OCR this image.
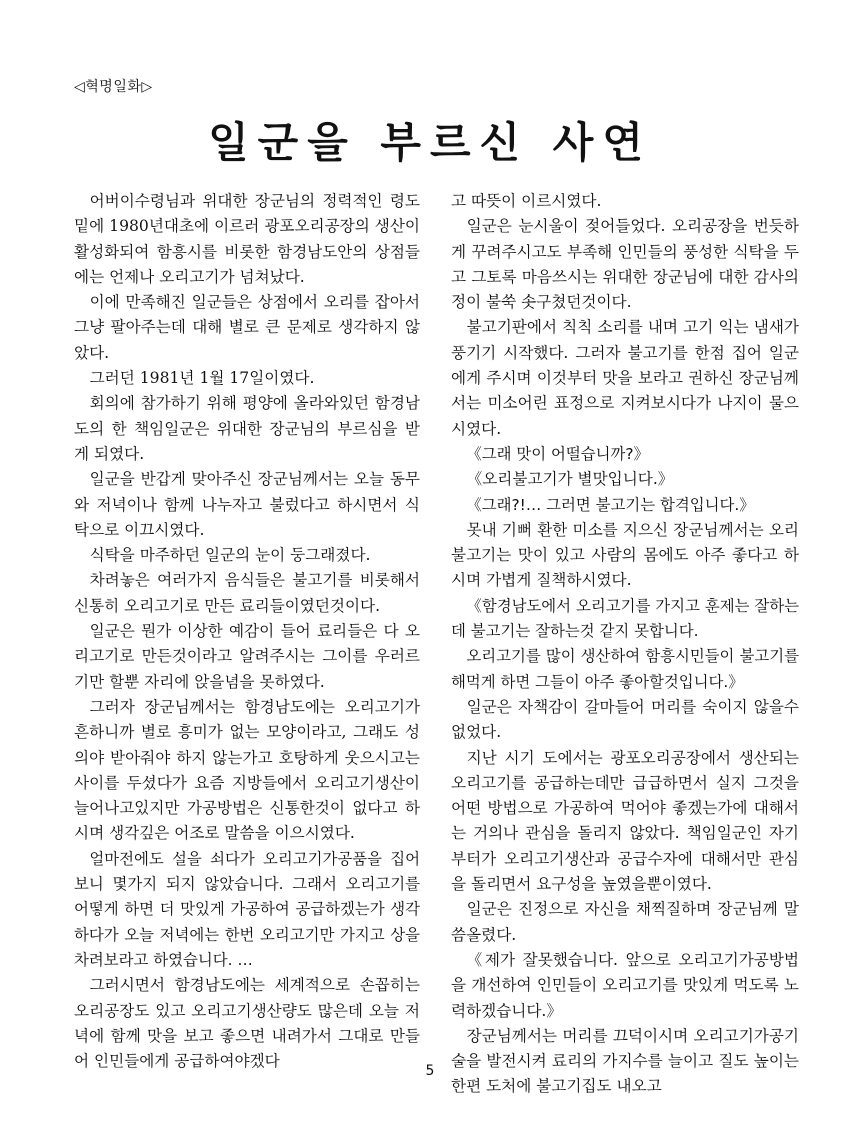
◁혁명일화▷
일군을 부르신 사연

어버이수령님과 위대한 장군님의 정력적인 령도밑에 1980년대초에 이르러 광포오리공장의 생산이 활성화되여 함흥시를 비롯한 함경남도안의 상점들에는 언제나 오리고기가 넘쳐났다.

이에 만족해진 일군들은 상점에서 오리를 잡아서 그냥 팔아주는데 대해 별로 큰 문제로 생각하지 않았다.

그러던 1981년 1월 17일이였다.

회의에 참가하기 위해 평양에 올라와있던 함경남도의 한 책임일군은 위대한 장군님의 부르심을 받게 되였다.

일군을 반갑게 맞아주신 장군님께서는 오늘 동무와 저녁이나 함께 나누자고 불렀다고 하시면서 식탁으로 이끄시였다.

식탁을 마주하던 일군의 눈이 둥그래졌다.

차려놓은 여러가지 음식들은 불고기를 비롯해서 신통히 오리고기로 만든 료리들이였던것이다.

일군은 뭔가 이상한 예감이 들어 료리들은 다 오리고기로 만든것이라고 알려주시는 그이를 우러르기만 할뿐 자리에 앉을념을 못하였다.

그러자 장군님께서는 함경남도에는 오리고기가 흔하니까 별로 흥미가 없는 모양이라고, 그래도 성의야 받아줘야 하지 않는가고 호탕하게 웃으시고는 사이를 두셨다가 요즘 지방들에서 오리고기생산이 늘어나고있지만 가공방법은 신통한것이 없다고 하시며 생각깊은 어조로 말씀을 이으시였다.

얼마전에도 설을 쇠다가 오리고기가공품을 집어보니 몇가지 되지 않았습니다. 그래서 오리고기를 어떻게 하면 더 맛있게 가공하여 공급하겠는가 생각하다가 오늘 저녁에는 한번 오리고기만 가지고 상을 차려보라고 하였습니다. …

그러시면서 함경남도에는 세계적으로 손꼽히는 오리공장도 있고 오리고기생산량도 많은데 오늘 저녁에 함께 맛을 보고 좋으면 내려가서 그대로 만들어 인민들에게 공급하여야겠다

고 따뜻이 이르시였다.

일군은 눈시울이 젖어들었다. 오리공장을 번듯하게 꾸려주시고도 부족해 인민들의 풍성한 식탁을 두고 그토록 마음쓰시는 위대한 장군님에 대한 감사의 정이 불쑥 솟구쳤던것이다.

불고기판에서 칙칙 소리를 내며 고기 익는 냄새가 풍기기 시작했다. 그러자 불고기를 한점 집어 일군에게 주시며 이것부터 맛을 보라고 권하신 장군님께서는 미소어린 표정으로 지켜보시다가 나지이 물으시였다.

《그래 맛이 어떨습니까?》

《오리불고기가 별맛입니다.》

《그래?!… 그러면 불고기는 합격입니다.》

못내 기뻐 환한 미소를 지으신 장군님께서는 오리불고기는 맛이 있고 사람의 몸에도 아주 좋다고 하시며 가볍게 질책하시였다.

《함경남도에서 오리고기를 가지고 훈제는 잘하는데 불고기는 잘하는것 같지 못합니다.

오리고기를 많이 생산하여 함흥시민들이 불고기를 해먹게 하면 그들이 아주 좋아할것입니다.》

일군은 자책감이 갈마들어 머리를 숙이지 않을수 없었다.

지난 시기 도에서는 광포오리공장에서 생산되는 오리고기를 공급하는데만 급급하면서 실지 그것을 어떤 방법으로 가공하여 먹어야 좋겠는가에 대해서는 거의나 관심을 돌리지 않았다. 책임일군인 자기부터가 오리고기생산과 공급수자에 대해서만 관심을 돌리면서 요구성을 높였을뿐이였다.

일군은 진정으로 자신을 채찍질하며 장군님께 말씀올렸다.

《제가 잘못했습니다. 앞으로 오리고기가공방법을 개선하여 인민들이 오리고기를 맛있게 먹도록 노력하겠습니다.》

장군님께서는 머리를 끄덕이시며 오리고기가공기술을 발전시켜 료리의 가지수를 늘이고 질도 높이는 한편 도처에 불고기집도 내오고

5
